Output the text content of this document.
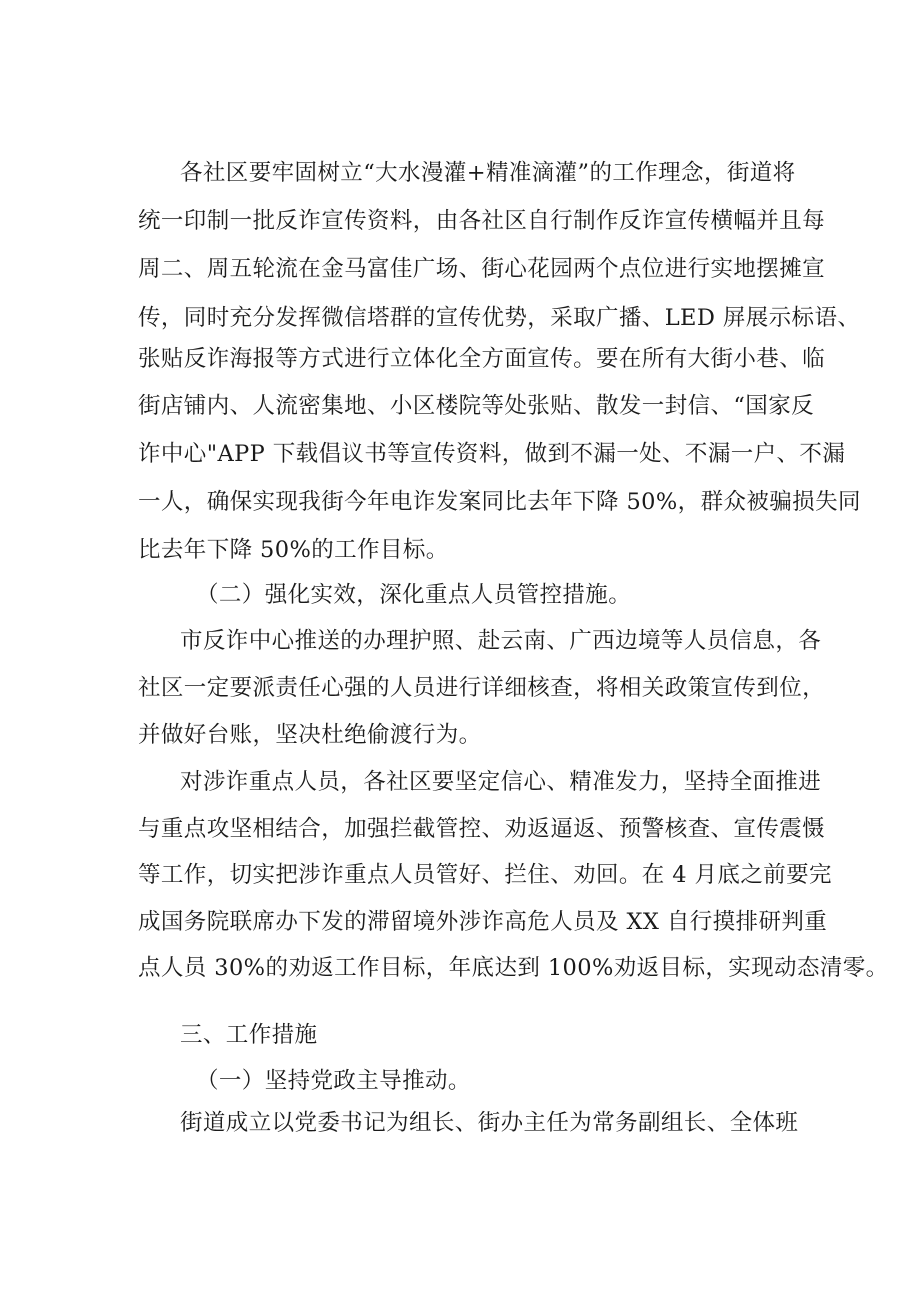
各社区要牢固树立“大水漫灌+精准滴灌”的工作理念，街道将
统一印制一批反诈宣传资料，由各社区自行制作反诈宣传横幅并且每
周二、周五轮流在金马富佳广场、街心花园两个点位进行实地摆摊宣
传，同时充分发挥微信塔群的宣传优势，采取广播、LED 屏展示标语、
张贴反诈海报等方式进行立体化全方面宣传。要在所有大街小巷、临
街店铺内、人流密集地、小区楼院等处张贴、散发一封信、“国家反
诈中心"APP 下载倡议书等宣传资料，做到不漏一处、不漏一户、不漏
一人，确保实现我街今年电诈发案同比去年下降 50%，群众被骗损失同
比去年下降 50%的工作目标。
（二）强化实效，深化重点人员管控措施。
市反诈中心推送的办理护照、赴云南、广西边境等人员信息，各
社区一定要派责任心强的人员进行详细核查，将相关政策宣传到位，
并做好台账，坚决杜绝偷渡行为。
对涉诈重点人员，各社区要坚定信心、精准发力，坚持全面推进
与重点攻坚相结合，加强拦截管控、劝返逼返、预警核查、宣传震慑
等工作，切实把涉诈重点人员管好、拦住、劝回。在 4 月底之前要完
成国务院联席办下发的滞留境外涉诈高危人员及 XX 自行摸排研判重
点人员 30%的劝返工作目标，年底达到 100%劝返目标，实现动态清零。
三、工作措施
（一）坚持党政主导推动。
街道成立以党委书记为组长、街办主任为常务副组长、全体班
